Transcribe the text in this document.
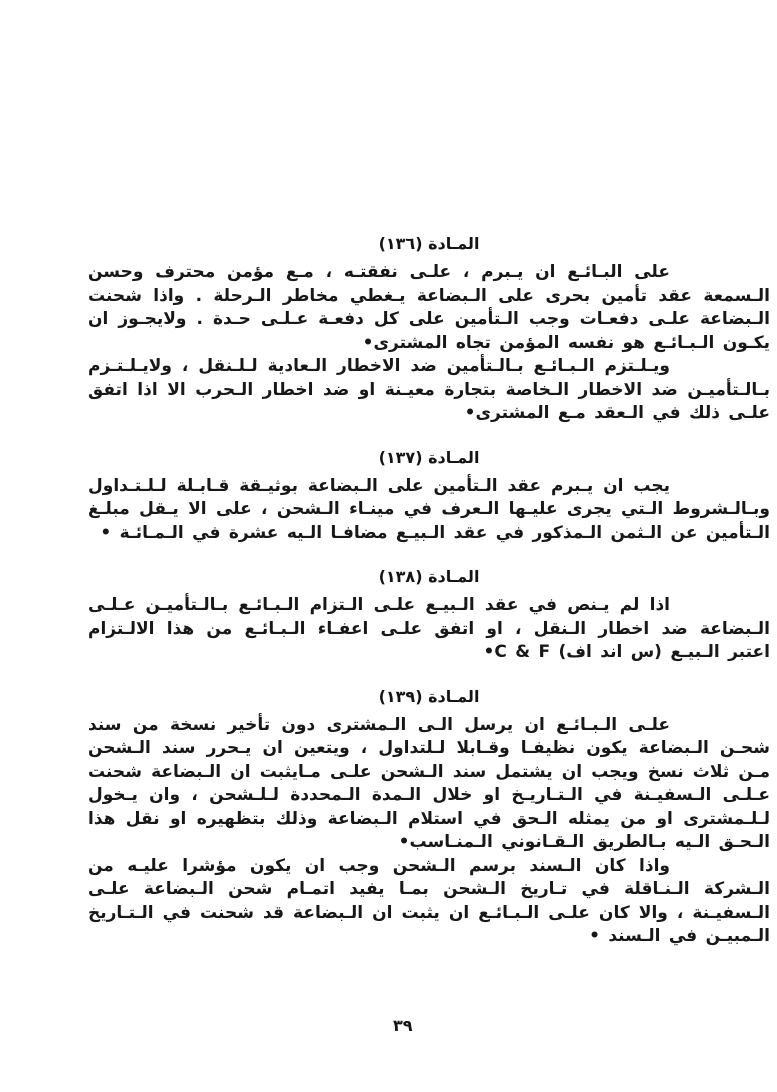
المـادة (١٣٦)

على البـائـع ان يـبرم ، علـى نفقتـه ، مـع مؤمن محترف وحسن الـسمعة عقد تأمين بحرى على الـبضاعة يـغطي مخاطر الـرحلة . واذا شحنت الـبضاعة علـى دفعـات وجب الـتأمين على كل دفعـة عـلـى حـدة . ولايجـوز ان يكـون الـبـائـع هو نفسه المؤمن تجاه المشترى•

ويـلـتزم الـبـائـع بـالـتأمين ضد الاخطار الـعادية لـلـنقل ، ولايـلـتـزم بـالـتأميـن ضد الاخطار الـخاصة بتجارة معيـنة او ضد اخطار الـحرب الا اذا اتفق علـى ذلك في الـعقد مـع المشترى•

المـادة (١٣٧)

يجب ان يـبرم عقد الـتأمين على الـبضاعة بوثيـقة قـابـلة لـلـتـداول وبـالـشروط الـتي يجرى عليـها الـعرف في مينـاء الـشحن ، على الا يـقل مبلـغ الـتأمين عن الـثمن الـمذكور في عقد الـبيـع مضافـا الـيه عشرة في الـمـائـة •

المـادة (١٣٨)

اذا لم يـنص في عقد الـبيـع علـى الـتزام الـبـائـع بـالـتأميـن عـلـى الـبضاعة ضد اخطار الـنقل ، او اتفق علـى اعفـاء الـبـائـع من هذا الالـتزام اعتبر الـبيـع (س اند اف) C & F•

المـادة (١٣٩)

علـى الـبـائـع ان يرسل الـى الـمشترى دون تأخير نسخة من سند شحـن الـبضاعة يكون نظيفـا وقـابلا لـلتداول ، ويتعين ان يـحرر سند الـشحن مـن ثلاث نسخ ويجب ان يشتمل سند الـشحن علـى مـايثبت ان الـبضاعة شحنت عـلـى الـسفيـنة في الـتـاريـخ او خلال الـمدة الـمحددة لـلـشحن ، وان يـخول لـلـمشترى او من يمثله الـحق في استلام الـبضاعة وذلك بتظهيره او نقل هذا الـحـق الـيه بـالطريق الـقـانوني الـمنـاسب•

واذا كان الـسند برسم الـشحن وجب ان يكون مؤشرا عليـه من الـشركة الـنـاقلة في تـاريخ الـشحن بمـا يفيد اتمـام شحن الـبضاعة علـى الـسفيـنة ، والا كان علـى الـبـائـع ان يثبت ان الـبضاعة قد شحنت في الـتـاريخ الـمبيـن في الـسند •

٣٩
